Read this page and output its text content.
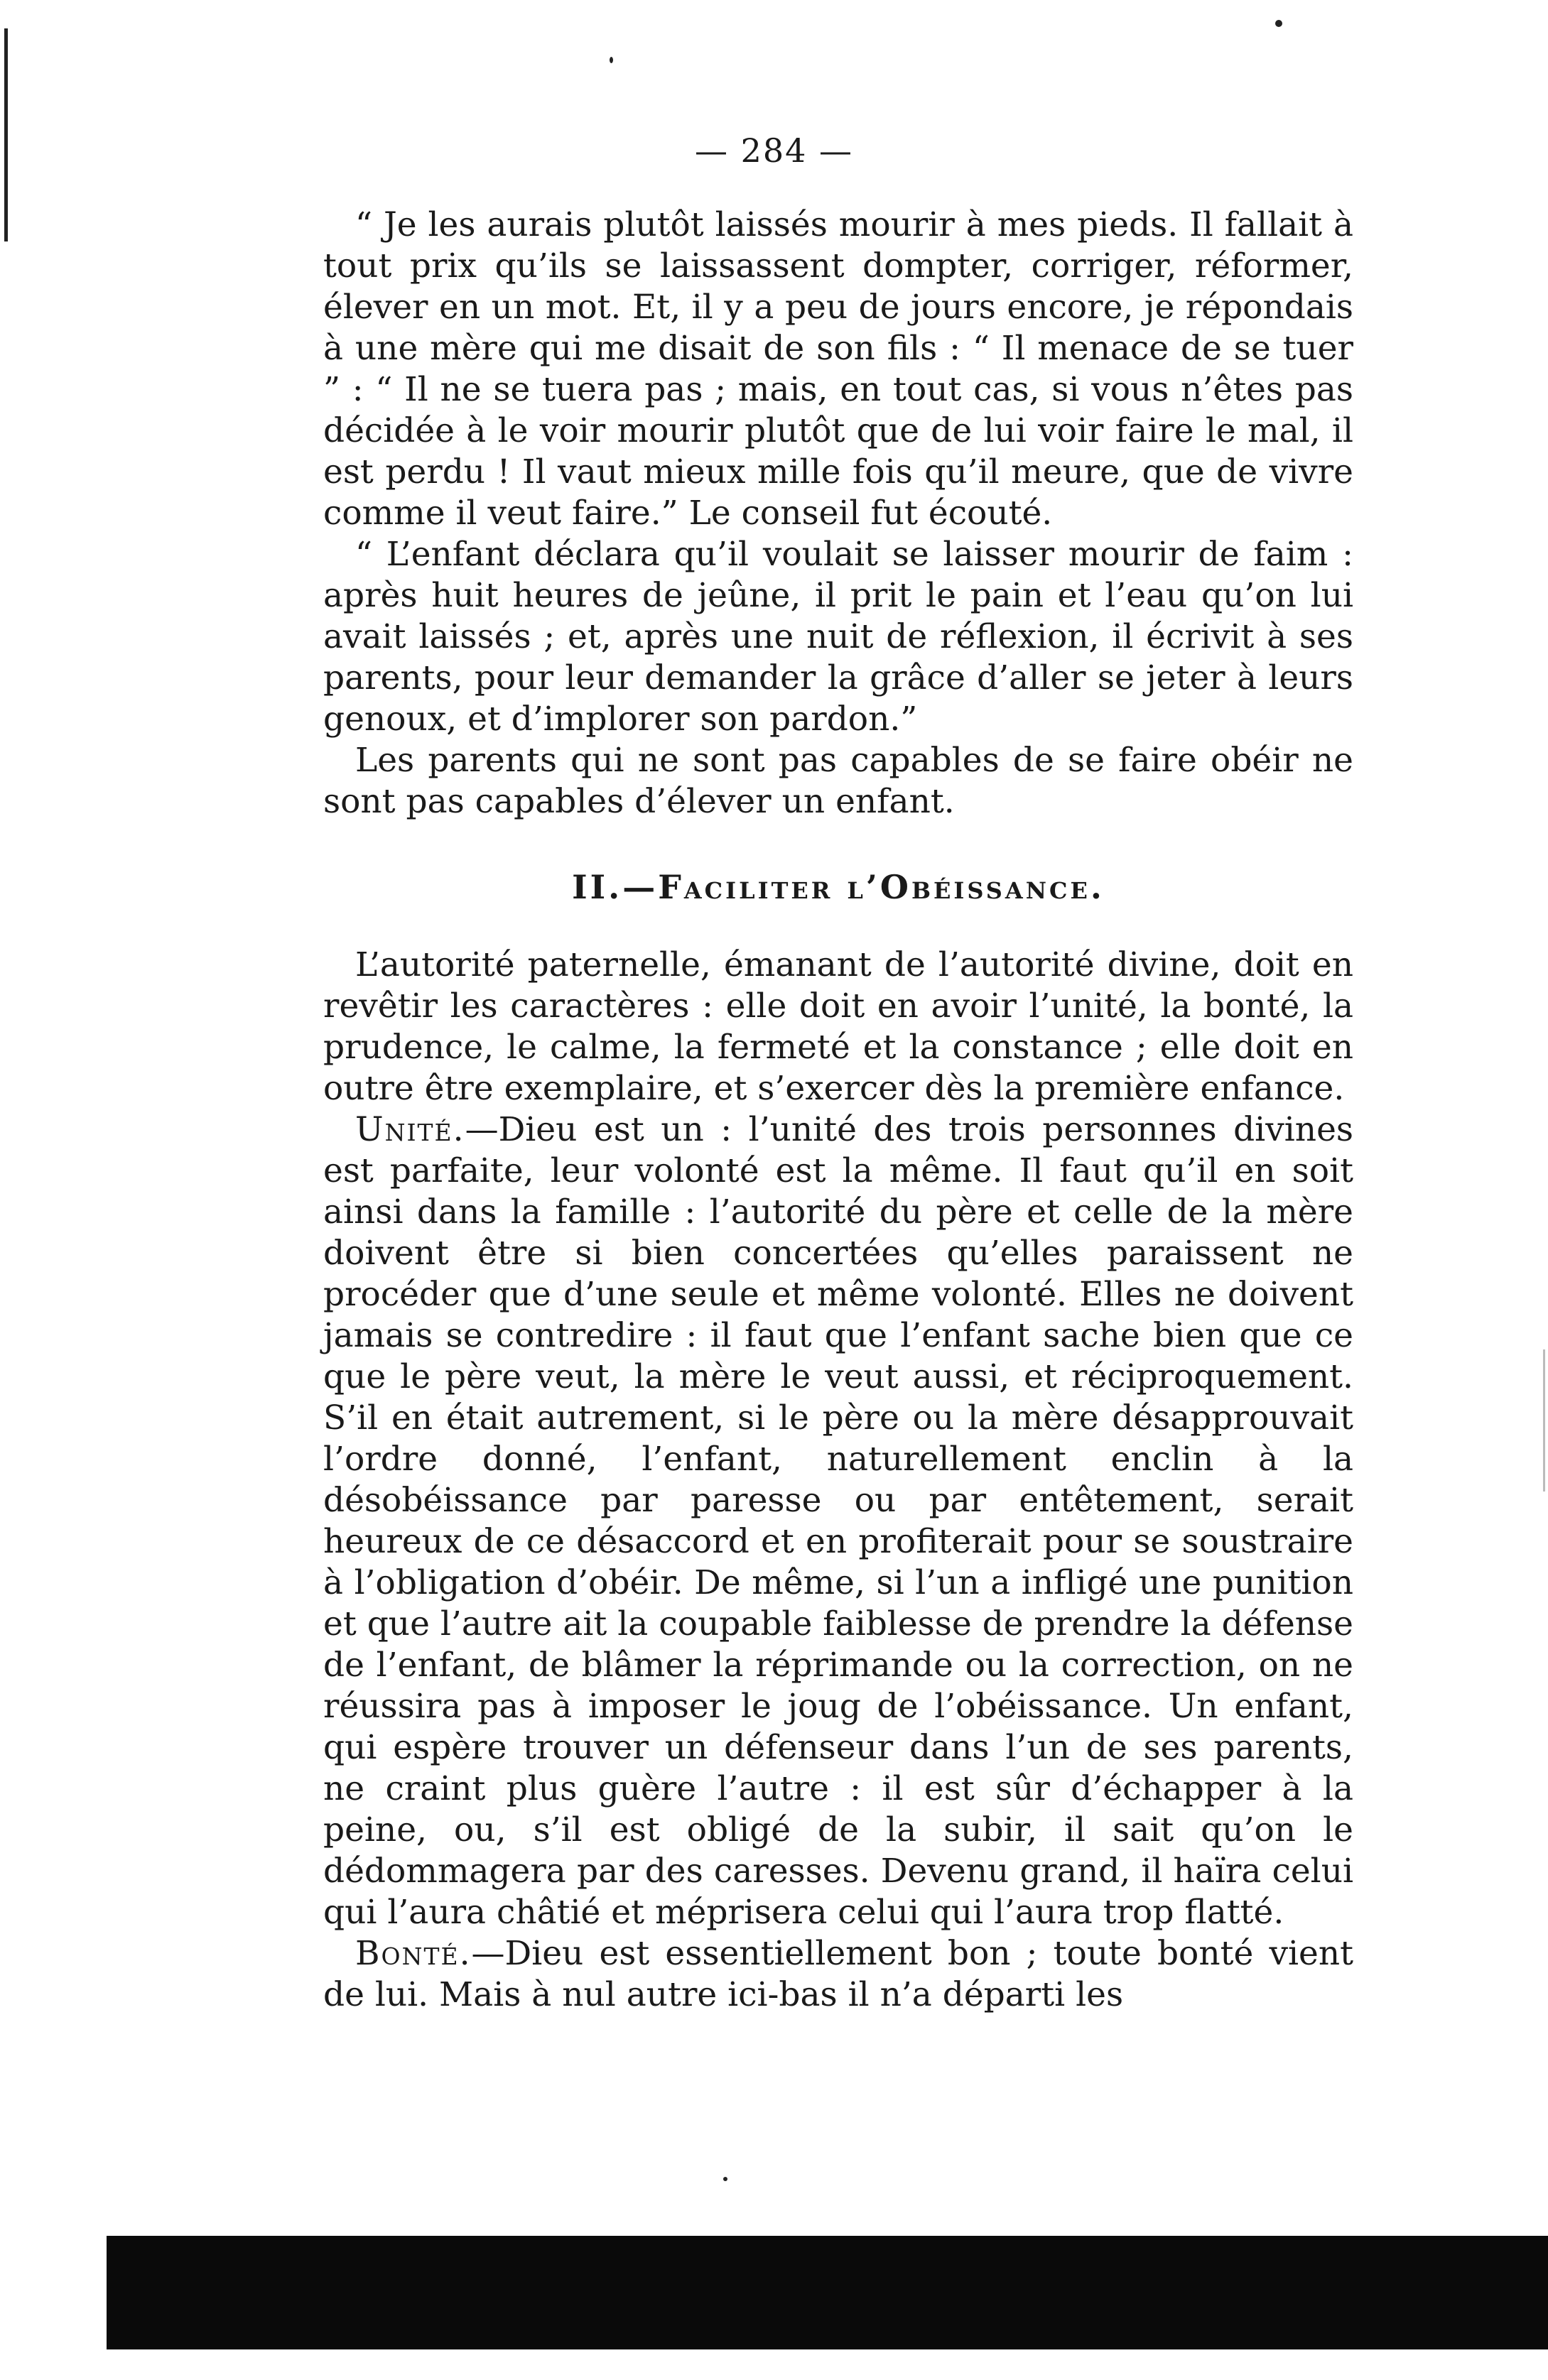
— 284 —

“ Je les aurais plutôt laissés mourir à mes pieds. Il fallait à tout prix qu’ils se laissassent dompter, corriger, réformer, élever en un mot. Et, il y a peu de jours encore, je répondais à une mère qui me disait de son fils : “ Il menace de se tuer ” : “ Il ne se tuera pas ; mais, en tout cas, si vous n’êtes pas décidée à le voir mourir plutôt que de lui voir faire le mal, il est perdu ! Il vaut mieux mille fois qu’il meure, que de vivre comme il veut faire.” Le conseil fut écouté.

“ L’enfant déclara qu’il voulait se laisser mourir de faim : après huit heures de jeûne, il prit le pain et l’eau qu’on lui avait laissés ; et, après une nuit de réflexion, il écrivit à ses parents, pour leur demander la grâce d’aller se jeter à leurs genoux, et d’implorer son pardon.”

Les parents qui ne sont pas capables de se faire obéir ne sont pas capables d’élever un enfant.

II.—Faciliter l’Obéissance.

L’autorité paternelle, émanant de l’autorité divine, doit en revêtir les caractères : elle doit en avoir l’unité, la bonté, la prudence, le calme, la fermeté et la constance ; elle doit en outre être exemplaire, et s’exercer dès la première enfance.

Unité.—Dieu est un : l’unité des trois personnes divines est parfaite, leur volonté est la même. Il faut qu’il en soit ainsi dans la famille : l’autorité du père et celle de la mère doivent être si bien concertées qu’elles paraissent ne procéder que d’une seule et même volonté. Elles ne doivent jamais se contredire : il faut que l’enfant sache bien que ce que le père veut, la mère le veut aussi, et réciproquement. S’il en était autrement, si le père ou la mère désapprouvait l’ordre donné, l’enfant, naturellement enclin à la désobéissance par paresse ou par entêtement, serait heureux de ce désaccord et en profiterait pour se soustraire à l’obligation d’obéir. De même, si l’un a infligé une punition et que l’autre ait la coupable faiblesse de prendre la défense de l’enfant, de blâmer la réprimande ou la correction, on ne réussira pas à imposer le joug de l’obéissance. Un enfant, qui espère trouver un défenseur dans l’un de ses parents, ne craint plus guère l’autre : il est sûr d’échapper à la peine, ou, s’il est obligé de la subir, il sait qu’on le dédommagera par des caresses. Devenu grand, il haïra celui qui l’aura châtié et méprisera celui qui l’aura trop flatté.

Bonté.—Dieu est essentiellement bon ; toute bonté vient de lui. Mais à nul autre ici-bas il n’a départi les
